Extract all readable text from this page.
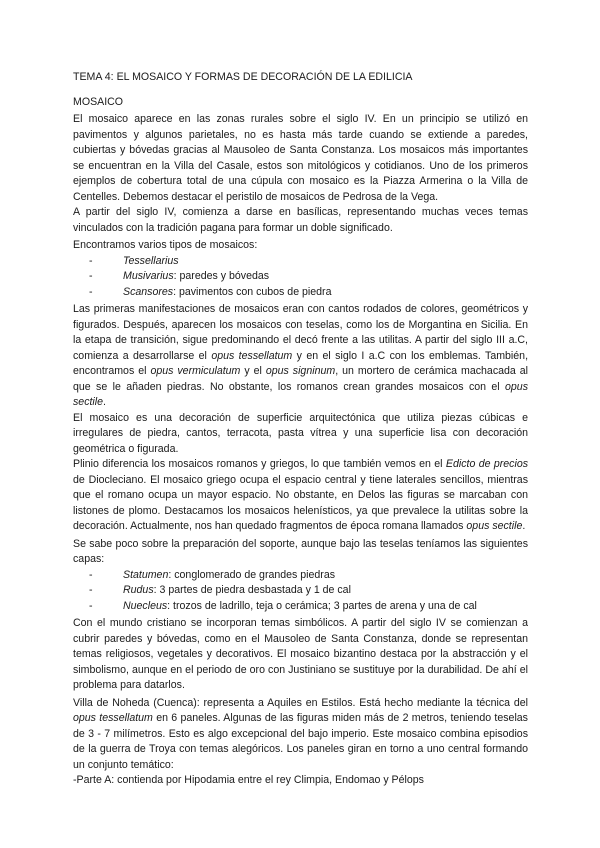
TEMA 4: EL MOSAICO Y FORMAS DE DECORACIÓN DE LA EDILICIA
MOSAICO

El mosaico aparece en las zonas rurales sobre el siglo IV. En un principio se utilizó en pavimentos y algunos parietales, no es hasta más tarde cuando se extiende a paredes, cubiertas y bóvedas gracias al Mausoleo de Santa Constanza. Los mosaicos más importantes se encuentran en la Villa del Casale, estos son mitológicos y cotidianos. Uno de los primeros ejemplos de cobertura total de una cúpula con mosaico es la Piazza Armerina o la Villa de Centelles. Debemos destacar el peristilo de mosaicos de Pedrosa de la Vega.

A partir del siglo IV, comienza a darse en basílicas, representando muchas veces temas vinculados con la tradición pagana para formar un doble significado.

Encontramos varios tipos de mosaicos:

-	Tessellarius
-	Musivarius: paredes y bóvedas
-	Scansores: pavimentos con cubos de piedra

Las primeras manifestaciones de mosaicos eran con cantos rodados de colores, geométricos y figurados. Después, aparecen los mosaicos con teselas, como los de Morgantina en Sicilia. En la etapa de transición, sigue predominando el decó frente a las utilitas. A partir del siglo III a.C, comienza a desarrollarse el opus tessellatum y en el siglo I a.C con los emblemas. También, encontramos el opus vermiculatum y el opus signinum, un mortero de cerámica machacada al que se le añaden piedras. No obstante, los romanos crean grandes mosaicos con el opus sectile.

El mosaico es una decoración de superficie arquitectónica que utiliza piezas cúbicas e irregulares de piedra, cantos, terracota, pasta vítrea y una superficie lisa con decoración geométrica o figurada.

Plinio diferencia los mosaicos romanos y griegos, lo que también vemos en el Edicto de precios de Diocleciano. El mosaico griego ocupa el espacio central y tiene laterales sencillos, mientras que el romano ocupa un mayor espacio. No obstante, en Delos las figuras se marcaban con listones de plomo. Destacamos los mosaicos helenísticos, ya que prevalece la utilitas sobre la decoración. Actualmente, nos han quedado fragmentos de época romana llamados opus sectile.

Se sabe poco sobre la preparación del soporte, aunque bajo las teselas teníamos las siguientes capas:

-	Statumen: conglomerado de grandes piedras
-	Rudus: 3 partes de piedra desbastada y 1 de cal
-	Nuecleus: trozos de ladrillo, teja o cerámica; 3 partes de arena y una de cal

Con el mundo cristiano se incorporan temas simbólicos. A partir del siglo IV se comienzan a cubrir paredes y bóvedas, como en el Mausoleo de Santa Constanza, donde se representan temas religiosos, vegetales y decorativos. El mosaico bizantino destaca por la abstracción y el simbolismo, aunque en el periodo de oro con Justiniano se sustituye por la durabilidad. De ahí el problema para datarlos.

Villa de Noheda (Cuenca): representa a Aquiles en Estilos. Está hecho mediante la técnica del opus tessellatum en 6 paneles. Algunas de las figuras miden más de 2 metros, teniendo teselas de 3 - 7 milímetros. Esto es algo excepcional del bajo imperio. Este mosaico combina episodios de la guerra de Troya con temas alegóricos. Los paneles giran en torno a uno central formando un conjunto temático:

-Parte A: contienda por Hipodamia entre el rey Climpia, Endomao y Pélops
